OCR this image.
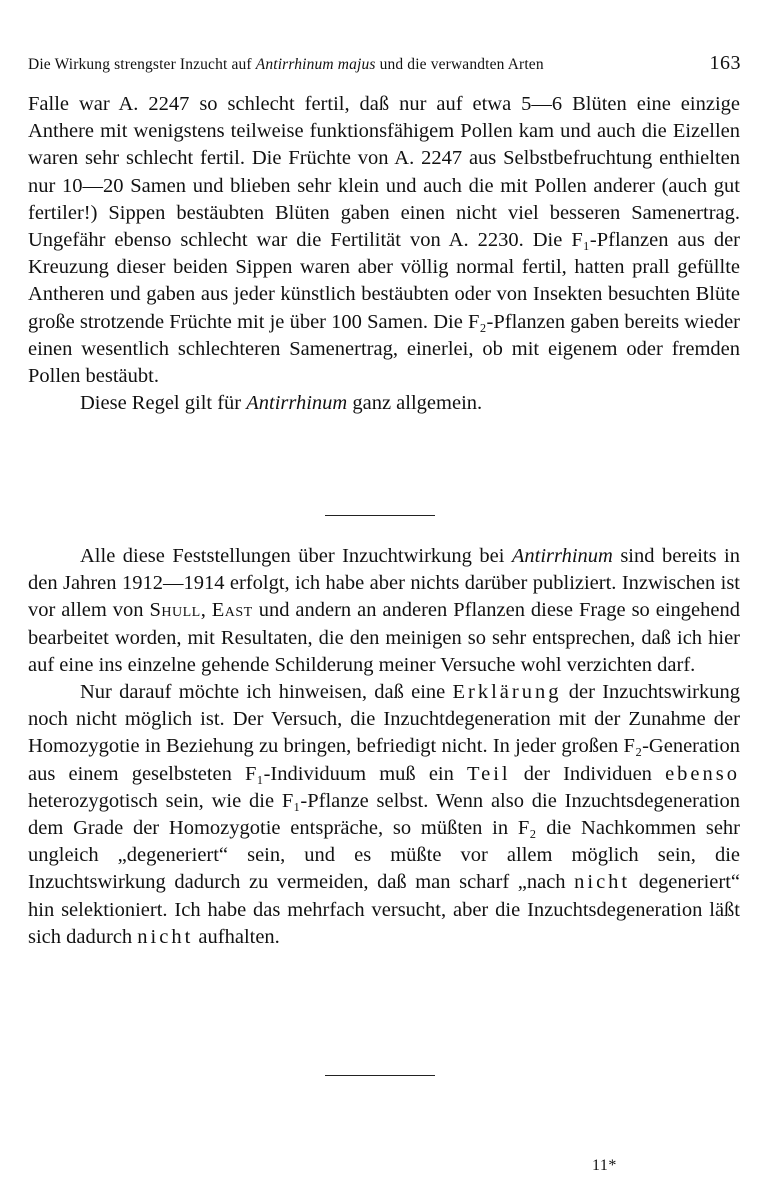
Die Wirkung strengster Inzucht auf Antirrhinum majus und die verwandten Arten	163

Falle war A. 2247 so schlecht fertil, daß nur auf etwa 5—6 Blüten eine einzige Anthere mit wenigstens teilweise funktionsfähigem Pollen kam und auch die Eizellen waren sehr schlecht fertil. Die Früchte von A. 2247 aus Selbstbefruchtung enthielten nur 10—20 Samen und blieben sehr klein und auch die mit Pollen anderer (auch gut fertiler!) Sippen bestäubten Blüten gaben einen nicht viel besseren Samenertrag. Ungefähr ebenso schlecht war die Fertilität von A. 2230. Die F₁-Pflanzen aus der Kreuzung dieser beiden Sippen waren aber völlig normal fertil, hatten prall gefüllte Antheren und gaben aus jeder künstlich bestäubten oder von Insekten besuchten Blüte große strotzende Früchte mit je über 100 Samen. Die F₂-Pflanzen gaben bereits wieder einen wesentlich schlechteren Samenertrag, einerlei, ob mit eigenem oder fremden Pollen bestäubt.

Diese Regel gilt für Antirrhinum ganz allgemein.

Alle diese Feststellungen über Inzuchtwirkung bei Antirrhinum sind bereits in den Jahren 1912—1914 erfolgt, ich habe aber nichts darüber publiziert. Inzwischen ist vor allem von Shull, East und andern an anderen Pflanzen diese Frage so eingehend bearbeitet worden, mit Resultaten, die den meinigen so sehr entsprechen, daß ich hier auf eine ins einzelne gehende Schilderung meiner Versuche wohl verzichten darf.

Nur darauf möchte ich hinweisen, daß eine Erklärung der Inzuchtswirkung noch nicht möglich ist. Der Versuch, die Inzuchtdegeneration mit der Zunahme der Homozygotie in Beziehung zu bringen, befriedigt nicht. In jeder großen F₂-Generation aus einem geselbsteten F₁-Individuum muß ein Teil der Individuen ebenso heterozygotisch sein, wie die F₁-Pflanze selbst. Wenn also die Inzuchtsdegeneration dem Grade der Homozygotie entspräche, so müßten in F₂ die Nachkommen sehr ungleich „degeneriert“ sein, und es müßte vor allem möglich sein, die Inzuchtswirkung dadurch zu vermeiden, daß man scharf „nach nicht degeneriert“ hin selektioniert. Ich habe das mehrfach versucht, aber die Inzuchtsdegeneration läßt sich dadurch nicht aufhalten.

11*
